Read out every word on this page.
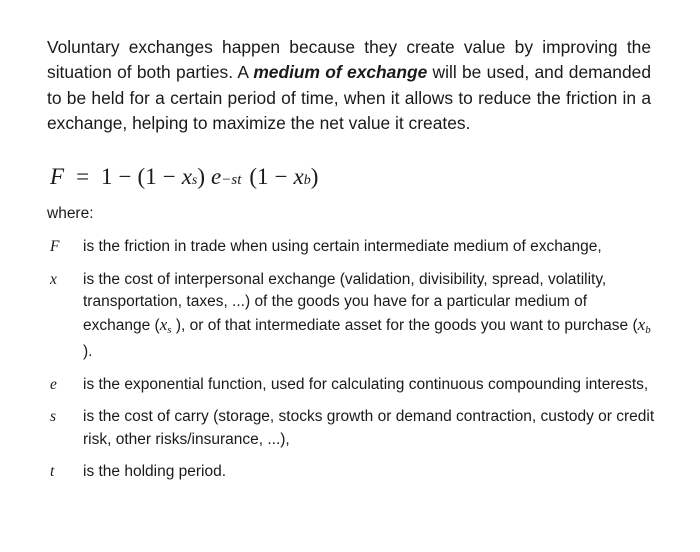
Voluntary exchanges happen because they create value by improving the situation of both parties. A medium of exchange will be used, and demanded to be held for a certain period of time, when it allows to reduce the friction in a exchange, helping to maximize the net value it creates.

F = 1 − (1 − x s ) e −st (1 − x b )
where:
F	is the friction in trade when using certain intermediate medium of exchange,
x	is the cost of interpersonal exchange (validation, divisibility, spread, volatility, transportation, taxes, ...) of the goods you have for a particular medium of exchange ($x_s$ ), or of that intermediate asset for the goods you want to purchase ($x_b$ ).
e	is the exponential function, used for calculating continuous compounding interests,
s	is the cost of carry (storage, stocks growth or demand contraction, custody or credit risk, other risks/insurance, ...),
t	is the holding period.
